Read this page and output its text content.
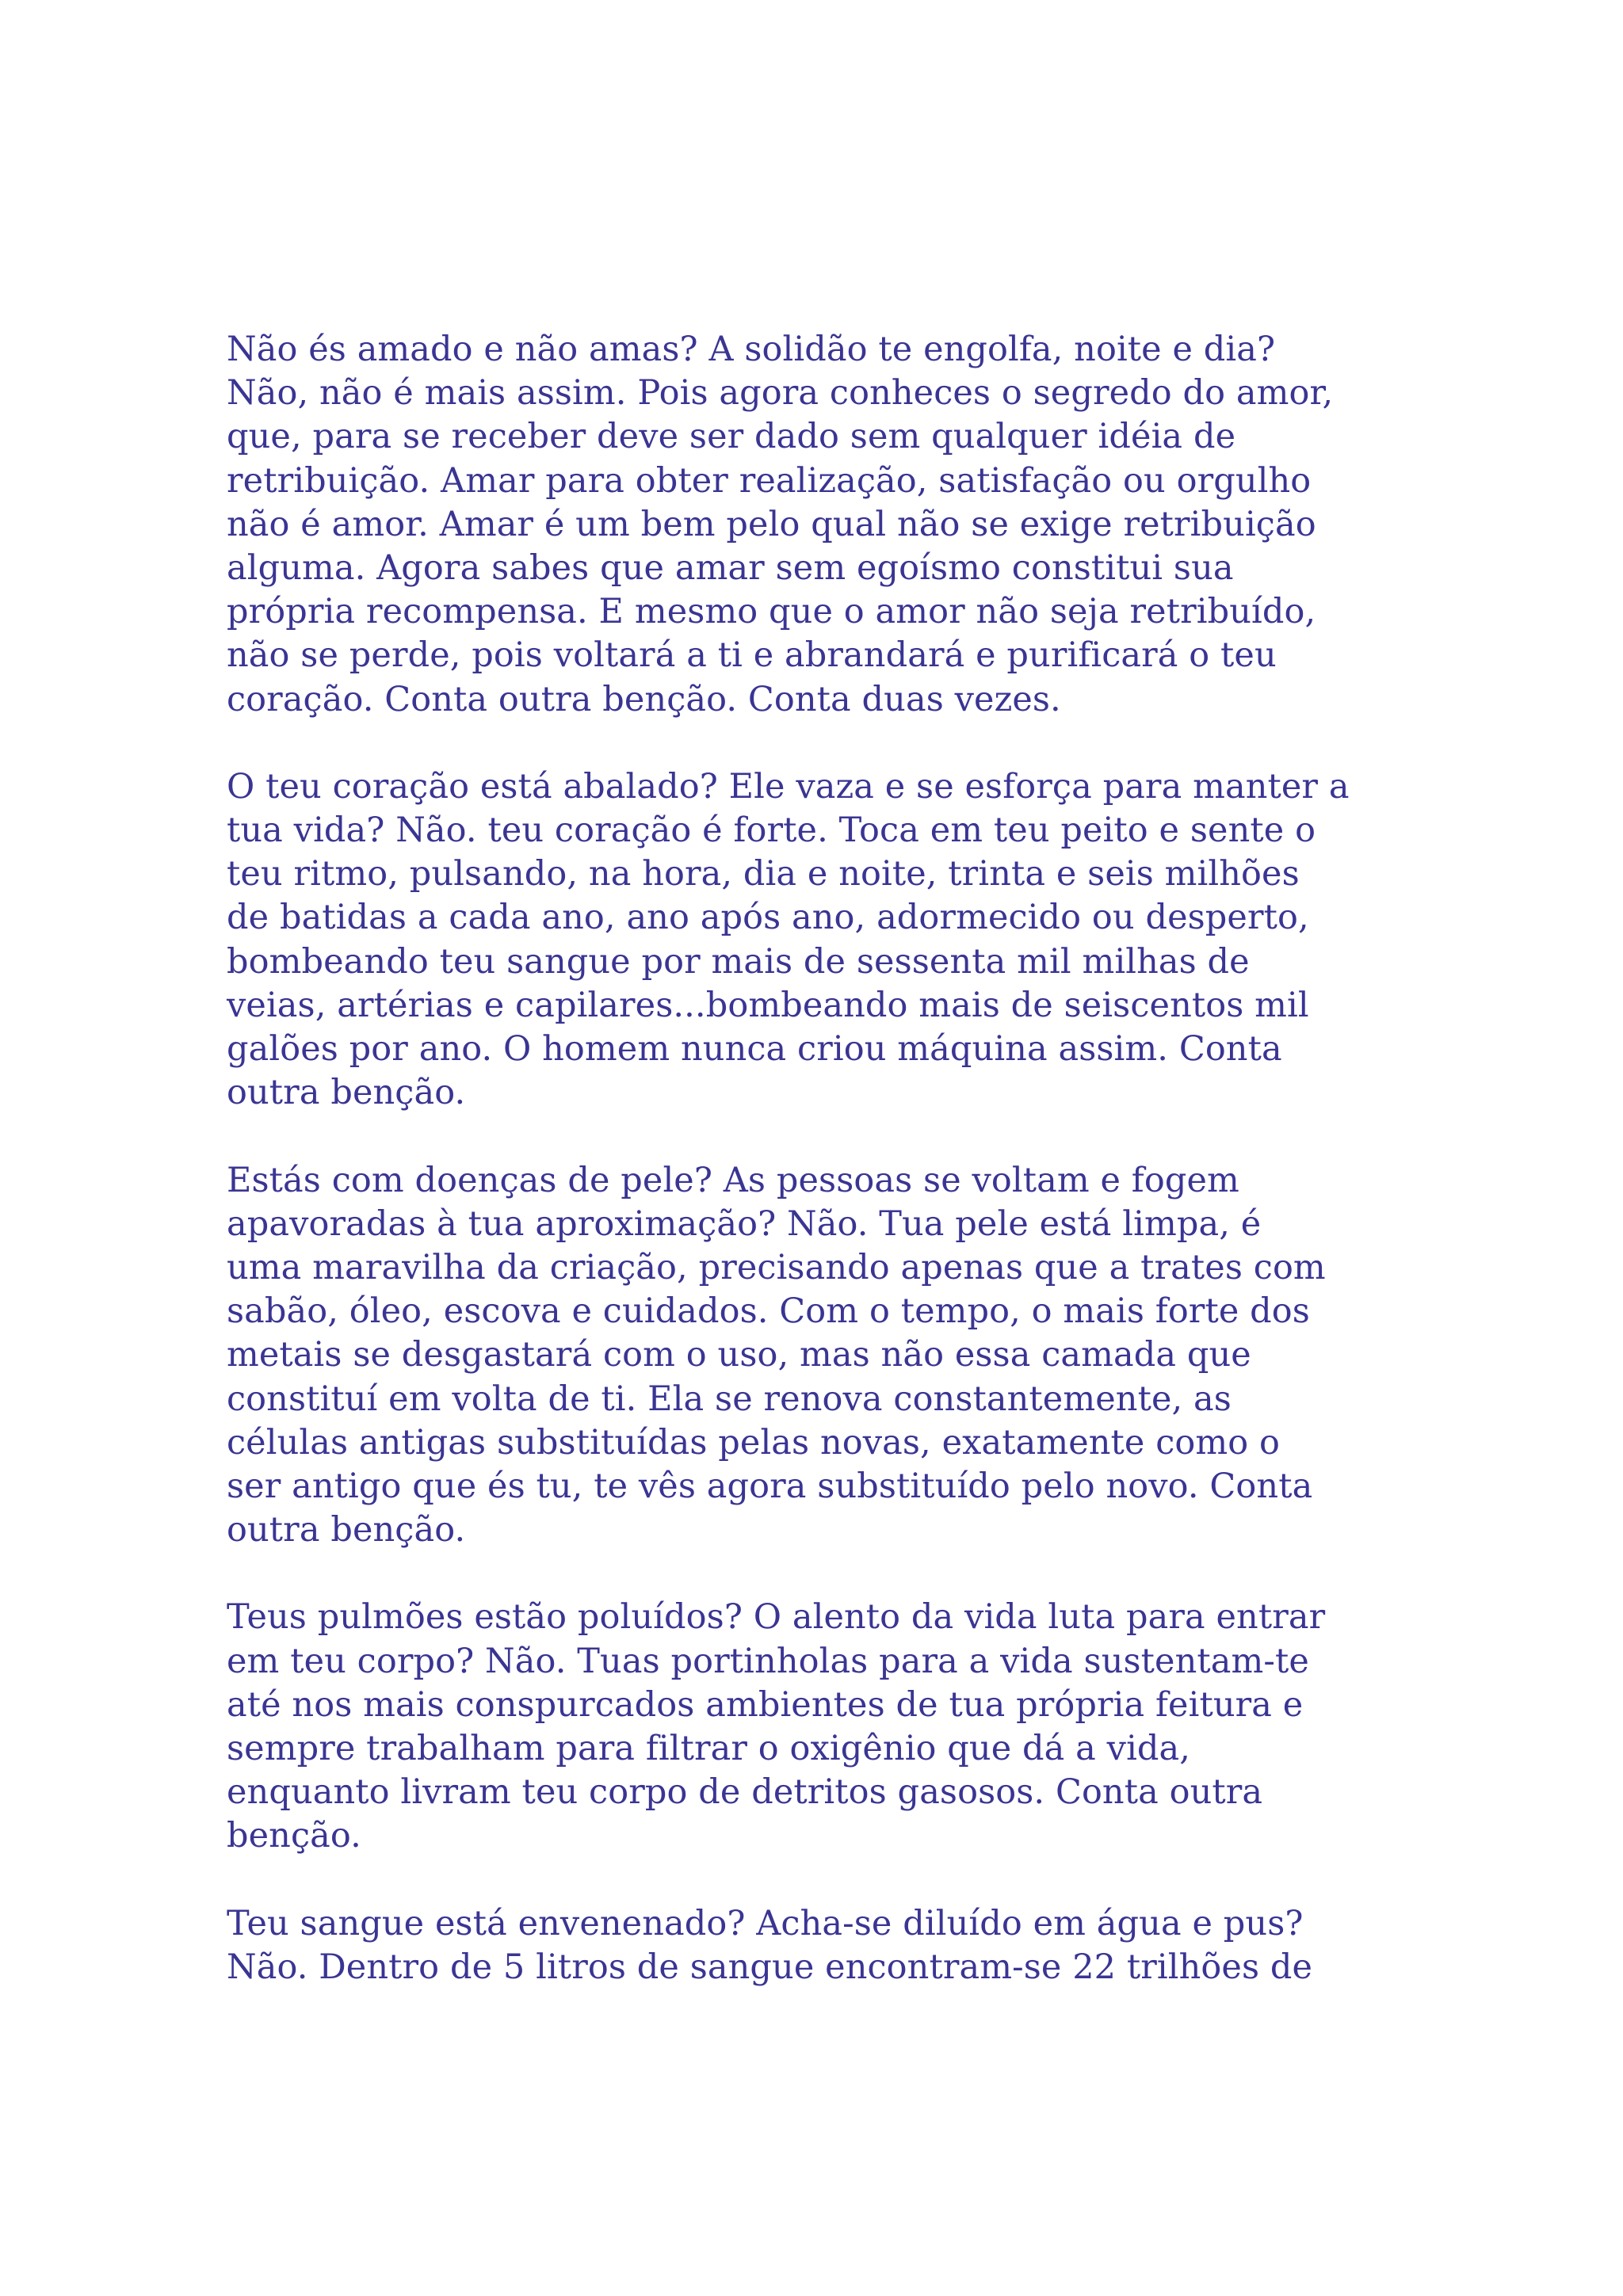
Não és amado e não amas? A solidão te engolfa, noite e dia?
Não, não é mais assim. Pois agora conheces o segredo do amor,
que, para se receber deve ser dado sem qualquer idéia de
retribuição. Amar para obter realização, satisfação ou orgulho
não é amor. Amar é um bem pelo qual não se exige retribuição
alguma. Agora sabes que amar sem egoísmo constitui sua
própria recompensa. E mesmo que o amor não seja retribuído,
não se perde, pois voltará a ti e abrandará e purificará o teu
coração. Conta outra benção. Conta duas vezes.

O teu coração está abalado? Ele vaza e se esforça para manter a
tua vida? Não. teu coração é forte. Toca em teu peito e sente o
teu ritmo, pulsando, na hora, dia e noite, trinta e seis milhões
de batidas a cada ano, ano após ano, adormecido ou desperto,
bombeando teu sangue por mais de sessenta mil milhas de
veias, artérias e capilares...bombeando mais de seiscentos mil
galões por ano. O homem nunca criou máquina assim. Conta
outra benção.

Estás com doenças de pele? As pessoas se voltam e fogem
apavoradas à tua aproximação? Não. Tua pele está limpa, é
uma maravilha da criação, precisando apenas que a trates com
sabão, óleo, escova e cuidados. Com o tempo, o mais forte dos
metais se desgastará com o uso, mas não essa camada que
constituí em volta de ti. Ela se renova constantemente, as
células antigas substituídas pelas novas, exatamente como o
ser antigo que és tu, te vês agora substituído pelo novo. Conta
outra benção.

Teus pulmões estão poluídos? O alento da vida luta para entrar
em teu corpo? Não. Tuas portinholas para a vida sustentam-te
até nos mais conspurcados ambientes de tua própria feitura e
sempre trabalham para filtrar o oxigênio que dá a vida,
enquanto livram teu corpo de detritos gasosos. Conta outra
benção.

Teu sangue está envenenado? Acha-se diluído em água e pus?
Não. Dentro de 5 litros de sangue encontram-se 22 trilhões de
